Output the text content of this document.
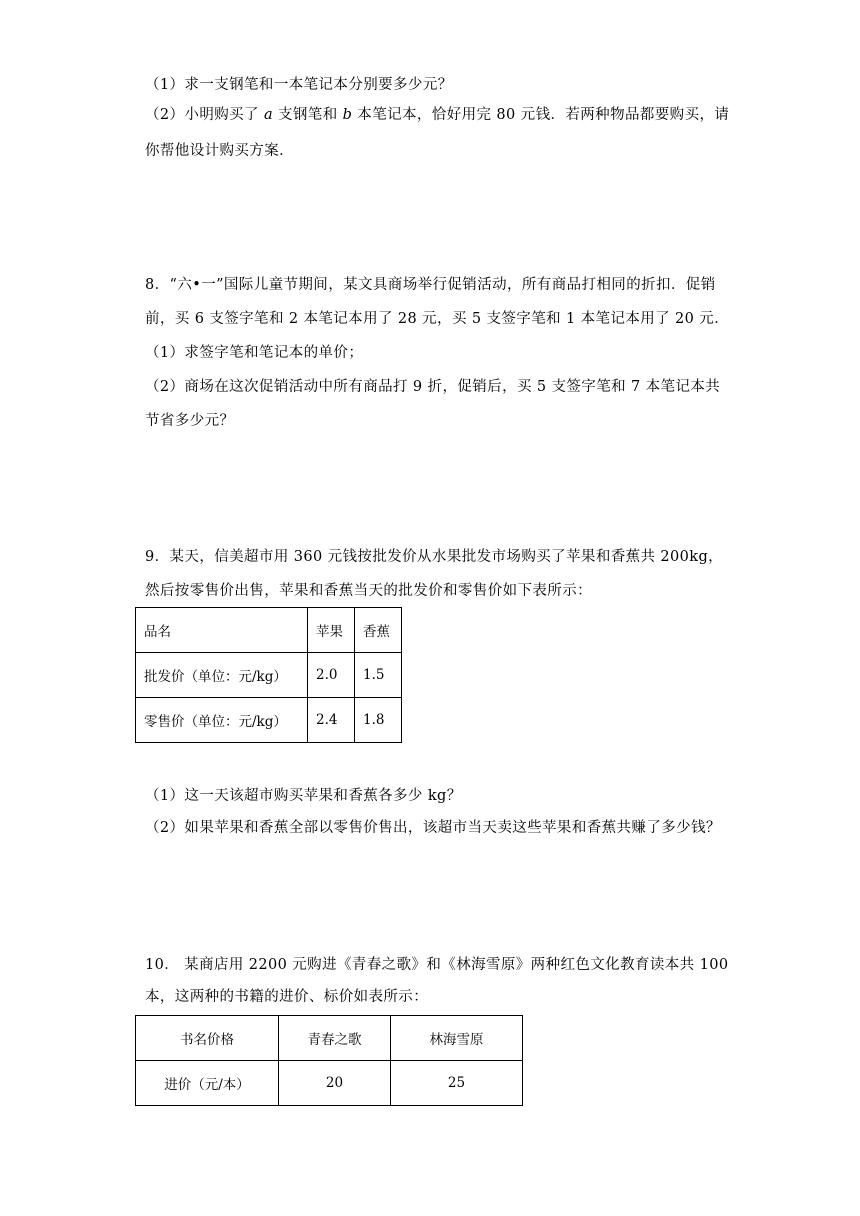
（1）求一支钢笔和一本笔记本分别要多少元？
（2）小明购买了 a 支钢笔和 b 本笔记本，恰好用完 80 元钱．若两种物品都要购买，请
你帮他设计购买方案．
8．“六•一”国际儿童节期间，某文具商场举行促销活动，所有商品打相同的折扣．促销
前，买 6 支签字笔和 2 本笔记本用了 28 元，买 5 支签字笔和 1 本笔记本用了 20 元．
（1）求签字笔和笔记本的单价；
（2）商场在这次促销活动中所有商品打 9 折，促销后，买 5 支签字笔和 7 本笔记本共
节省多少元？
9．某天，信美超市用 360 元钱按批发价从水果批发市场购买了苹果和香蕉共 200kg，
然后按零售价出售，苹果和香蕉当天的批发价和零售价如下表所示：
品名	苹果	香蕉
批发价（单位：元/kg）	2.0	1.5
零售价（单位：元/kg）	2.4	1.8
（1）这一天该超市购买苹果和香蕉各多少 kg？
（2）如果苹果和香蕉全部以零售价售出，该超市当天卖这些苹果和香蕉共赚了多少钱？
10． 某商店用 2200 元购进《青春之歌》和《林海雪原》两种红色文化教育读本共 100
本，这两种的书籍的进价、标价如表所示：
书名价格	青春之歌	林海雪原
进价（元/本）	20	25
